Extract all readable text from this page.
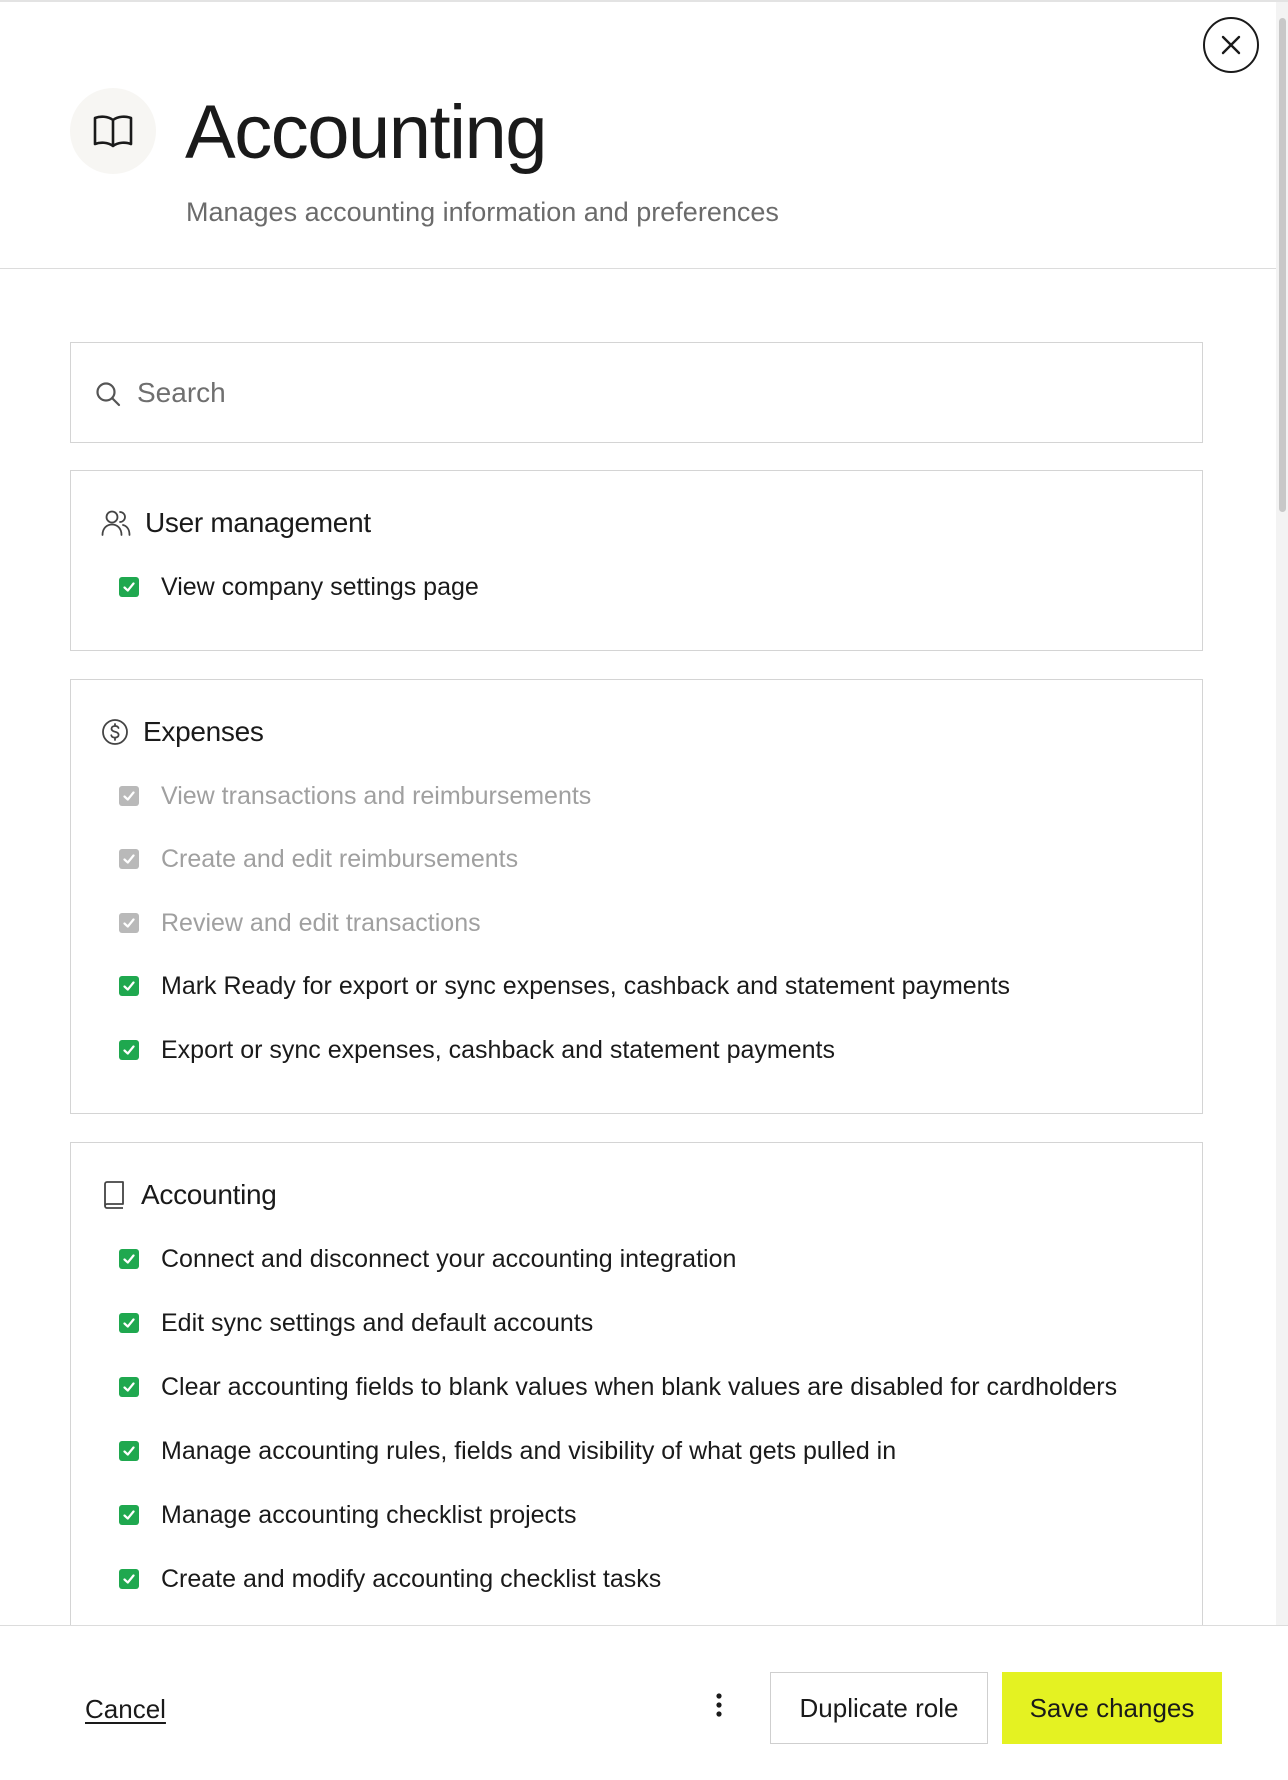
Accounting

Manages accounting information and preferences

Search
User management
View company settings page
Expenses
View transactions and reimbursements
Create and edit reimbursements
Review and edit transactions
Mark Ready for export or sync expenses, cashback and statement payments
Export or sync expenses, cashback and statement payments
Accounting
Connect and disconnect your accounting integration
Edit sync settings and default accounts
Clear accounting fields to blank values when blank values are disabled for cardholders
Manage accounting rules, fields and visibility of what gets pulled in
Manage accounting checklist projects
Create and modify accounting checklist tasks
Cancel	Duplicate role	Save changes
